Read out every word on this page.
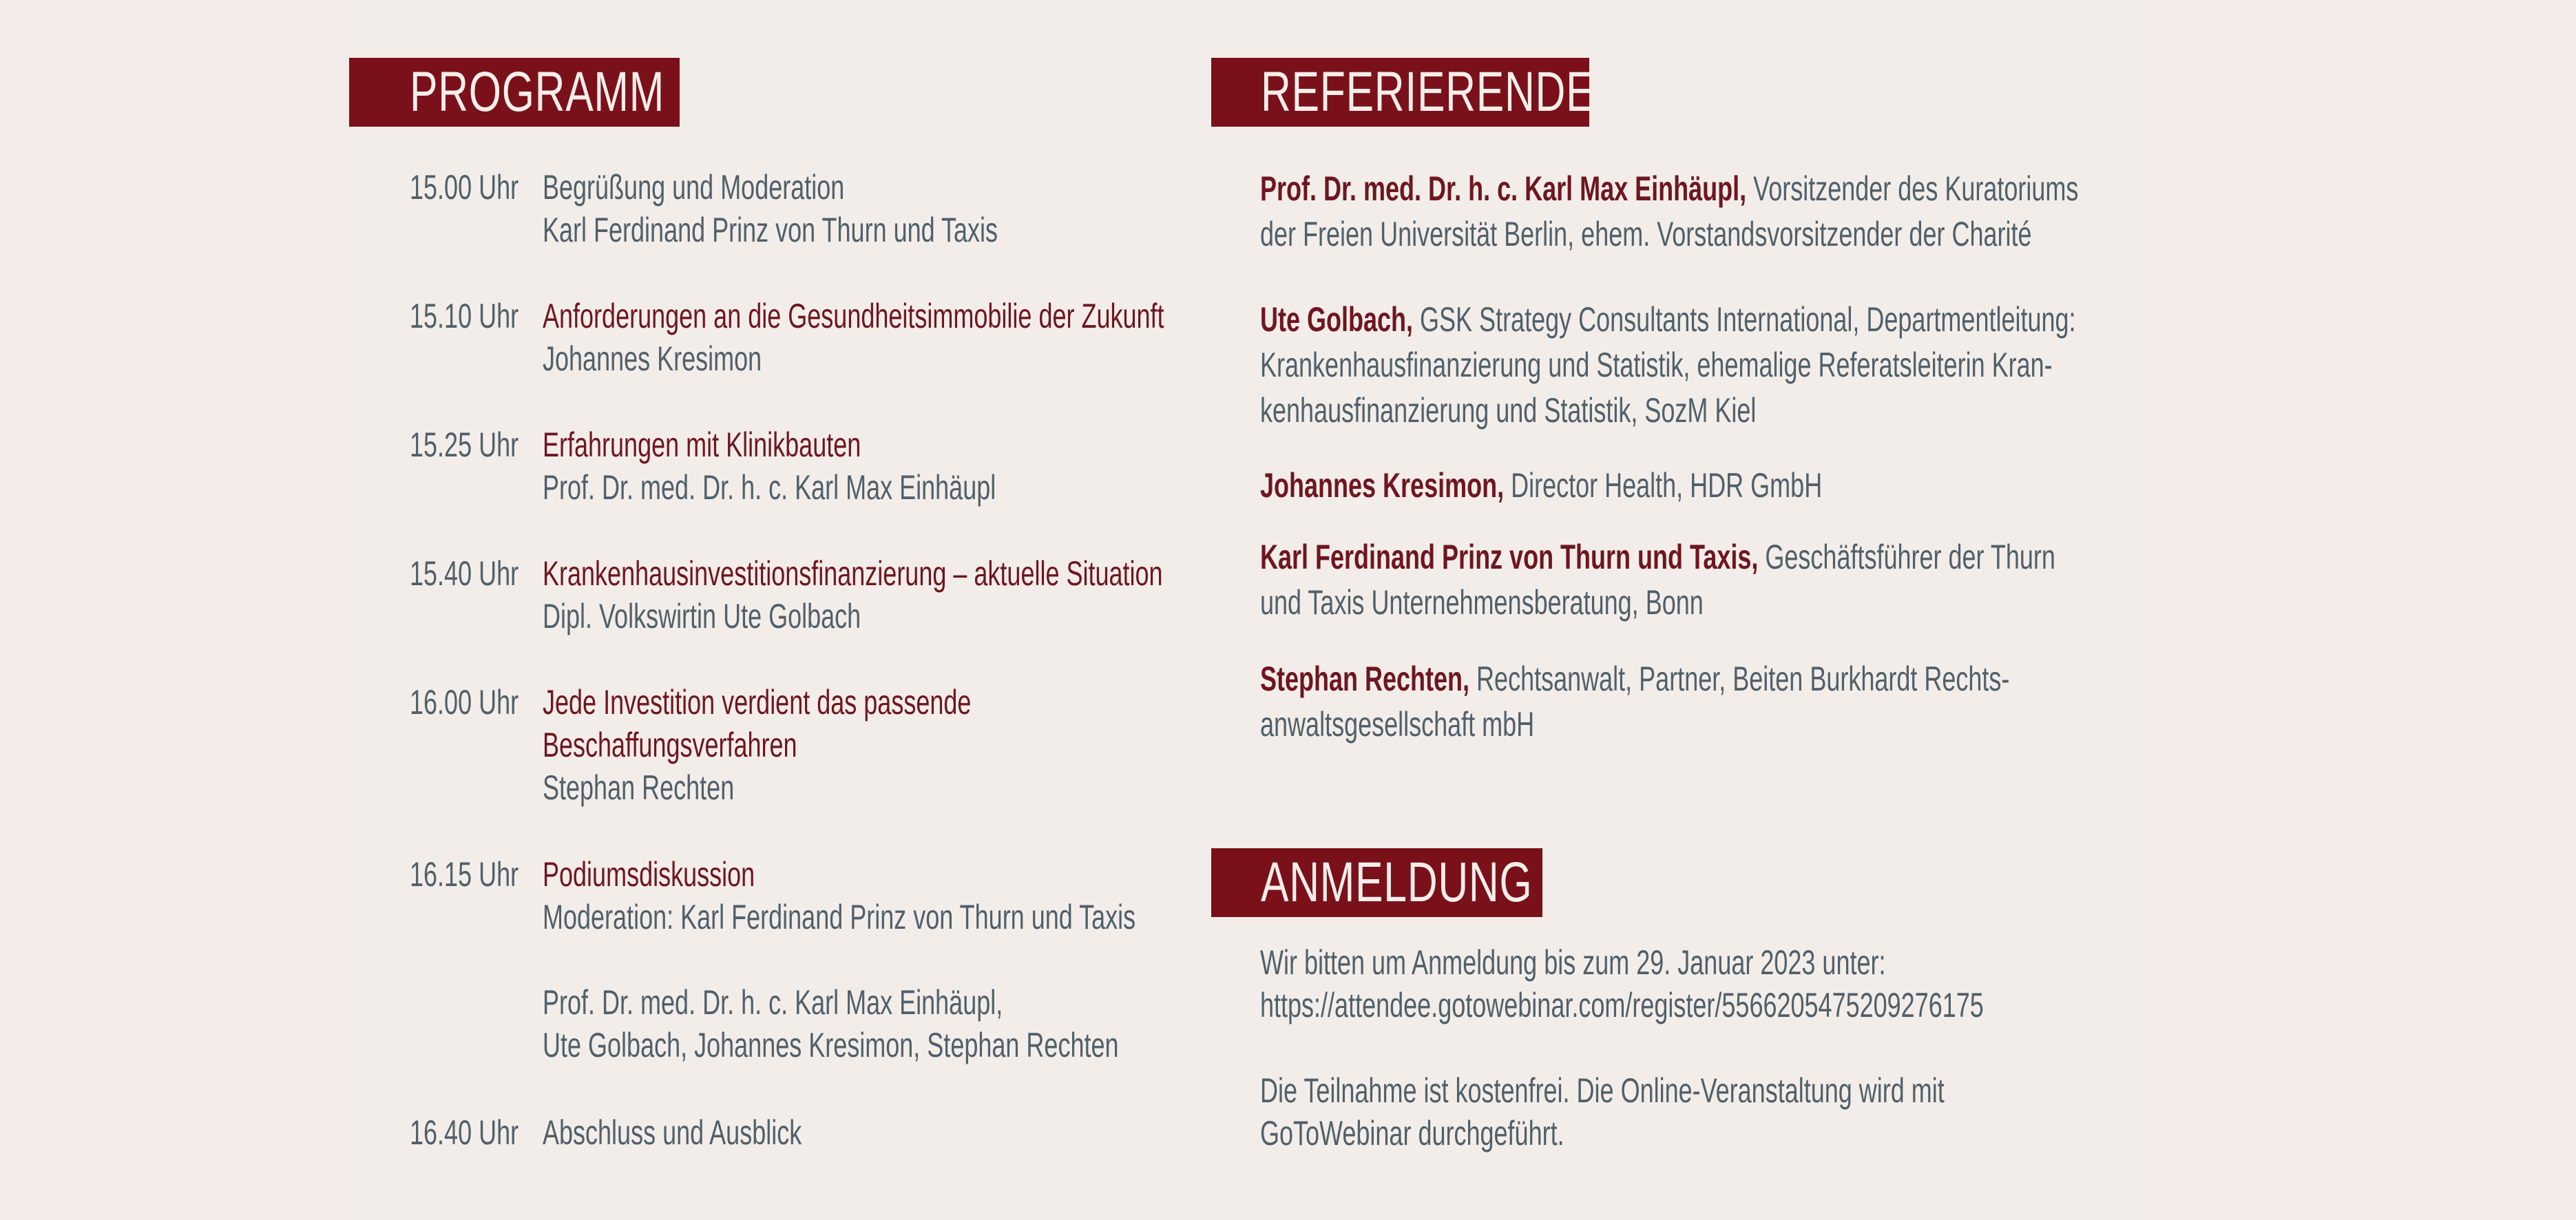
PROGRAMM
15.00 Uhr Begrüßung und Moderation
Karl Ferdinand Prinz von Thurn und Taxis
15.10 Uhr Anforderungen an die Gesundheitsimmobilie der Zukunft
Johannes Kresimon
15.25 Uhr Erfahrungen mit Klinikbauten
Prof. Dr. med. Dr. h. c. Karl Max Einhäupl
15.40 Uhr Krankenhausinvestitionsfinanzierung – aktuelle Situation
Dipl. Volkswirtin Ute Golbach
16.00 Uhr Jede Investition verdient das passende
Beschaffungsverfahren
Stephan Rechten
16.15 Uhr Podiumsdiskussion
Moderation: Karl Ferdinand Prinz von Thurn und Taxis
Prof. Dr. med. Dr. h. c. Karl Max Einhäupl,
Ute Golbach, Johannes Kresimon, Stephan Rechten
16.40 Uhr Abschluss und Ausblick
REFERIERENDE
Prof. Dr. med. Dr. h. c. Karl Max Einhäupl, Vorsitzender des Kuratoriums
der Freien Universität Berlin, ehem. Vorstandsvorsitzender der Charité
Ute Golbach, GSK Strategy Consultants International, Departmentleitung:
Krankenhausfinanzierung und Statistik, ehemalige Referatsleiterin Kran-
kenhausfinanzierung und Statistik, SozM Kiel
Johannes Kresimon, Director Health, HDR GmbH
Karl Ferdinand Prinz von Thurn und Taxis, Geschäftsführer der Thurn
und Taxis Unternehmensberatung, Bonn
Stephan Rechten, Rechtsanwalt, Partner, Beiten Burkhardt Rechts-
anwaltsgesellschaft mbH
ANMELDUNG
Wir bitten um Anmeldung bis zum 29. Januar 2023 unter:
https://attendee.gotowebinar.com/register/5566205475209276175
Die Teilnahme ist kostenfrei. Die Online-Veranstaltung wird mit
GoToWebinar durchgeführt.
